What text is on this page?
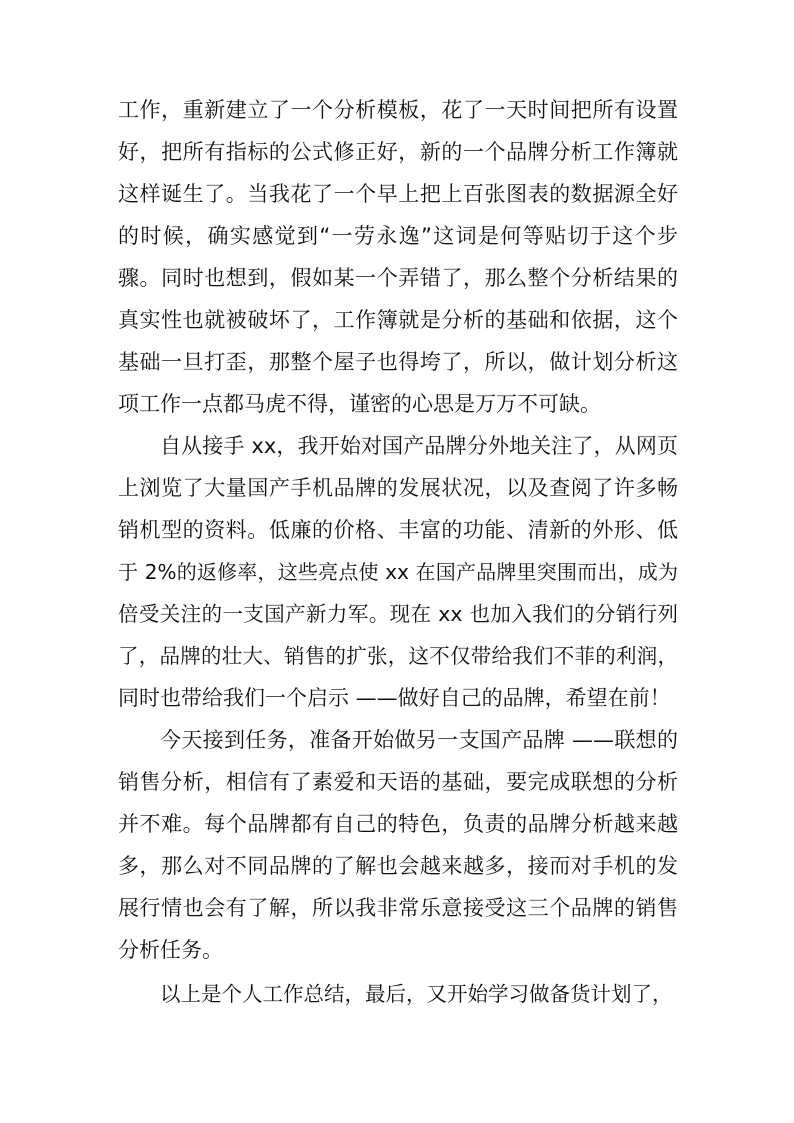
工作，重新建立了一个分析模板，花了一天时间把所有设置
好，把所有指标的公式修正好，新的一个品牌分析工作簿就
这样诞生了。当我花了一个早上把上百张图表的数据源全好
的时候，确实感觉到“一劳永逸”这词是何等贴切于这个步
骤。同时也想到，假如某一个弄错了，那么整个分析结果的
真实性也就被破坏了，工作簿就是分析的基础和依据，这个
基础一旦打歪，那整个屋子也得垮了，所以，做计划分析这
项工作一点都马虎不得，谨密的心思是万万不可缺。
自从接手 xx，我开始对国产品牌分外地关注了，从网页
上浏览了大量国产手机品牌的发展状况，以及查阅了许多畅
销机型的资料。低廉的价格、丰富的功能、清新的外形、低
于 2%的返修率，这些亮点使 xx 在国产品牌里突围而出，成为
倍受关注的一支国产新力军。现在 xx 也加入我们的分销行列
了，品牌的壮大、销售的扩张，这不仅带给我们不菲的利润，
同时也带给我们一个启示 ——做好自己的品牌，希望在前！
今天接到任务，准备开始做另一支国产品牌 ——联想的
销售分析，相信有了素爱和天语的基础，要完成联想的分析
并不难。每个品牌都有自己的特色，负责的品牌分析越来越
多，那么对不同品牌的了解也会越来越多，接而对手机的发
展行情也会有了解，所以我非常乐意接受这三个品牌的销售
分析任务。
以上是个人工作总结，最后，又开始学习做备货计划了，
